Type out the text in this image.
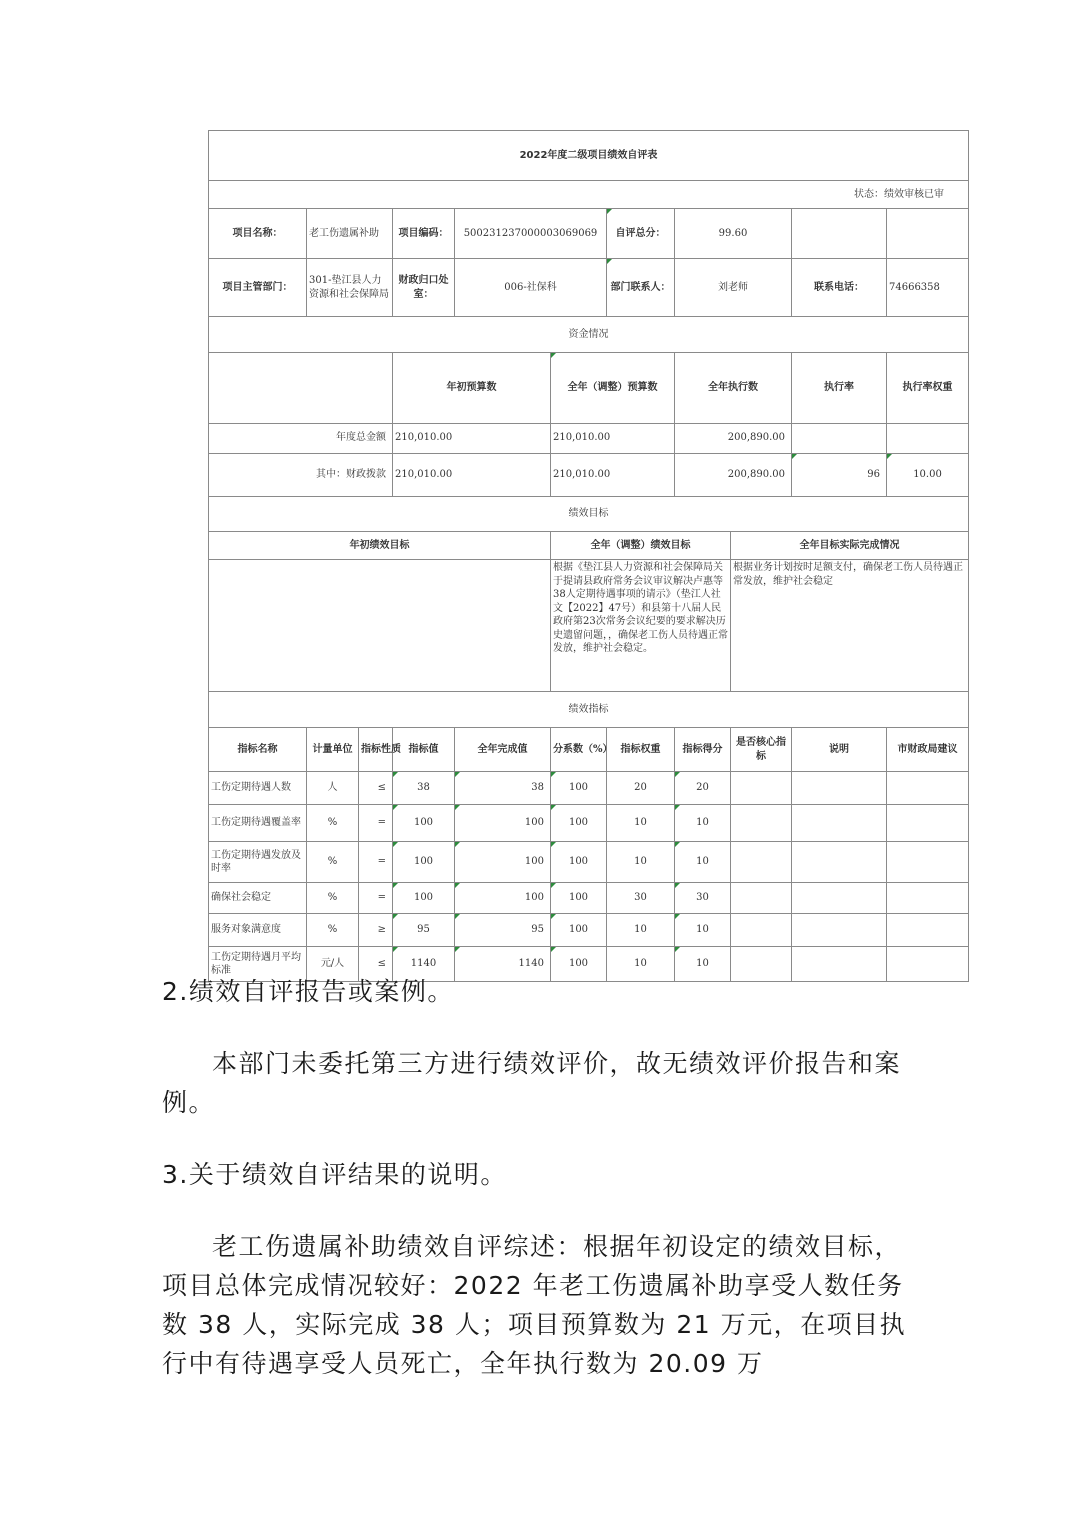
2022年度二级项目绩效自评表											
状态：绩效审核已审											
项目名称：	老工伤遗属补助		项目编码：	500231237000003069069		自评总分：	99.60				
项目主管部门：	301-垫江县人力资源和社会保障局		财政归口处室：	006-社保科		部门联系人：	刘老师		联系电话：	74666358	
资金情况											
			年初预算数		全年（调整）预算数		全年执行数		执行率	执行率权重	
年度总金额			210,010.00		210,010.00		200,890.00				
其中：财政拨款			210,010.00		210,010.00		200,890.00		96	10.00	
绩效目标											
年初绩效目标					全年（调整）绩效目标			全年目标实际完成情况			
					根据《垫江县人力资源和社会保障局关于提请县政府常务会议审议解决卢惠等38人定期待遇事项的请示》（垫江人社文【2022】47号）和县第十八届人民政府第23次常务会议纪要的要求解决历史遗留问题，，确保老工伤人员待遇正常发放，维护社会稳定。			根据业务计划按时足额支付，确保老工伤人员待遇正常发放，维护社会稳定			
绩效指标											
指标名称	计量单位	指标性质	指标值	全年完成值	分系数（%）	指标权重	指标得分	是否核心指标	说明	市财政局建议	
工伤定期待遇人数	人	≤	38	38	100	20	20				
工伤定期待遇覆盖率	%	=	100	100	100	10	10				
工伤定期待遇发放及时率	%	=	100	100	100	10	10				
确保社会稳定	%	=	100	100	100	30	30				
服务对象满意度	%	≥	95	95	100	10	10				
工伤定期待遇月平均标准	元/人	≤	1140	1140	100	10	10				

2.绩效自评报告或案例。

本部门未委托第三方进行绩效评价，故无绩效评价报告和案例。

3.关于绩效自评结果的说明。

老工伤遗属补助绩效自评综述：根据年初设定的绩效目标，项目总体完成情况较好：2022 年老工伤遗属补助享受人数任务数 38 人，实际完成 38 人；项目预算数为 21 万元，在项目执行中有待遇享受人员死亡，全年执行数为 20.09 万
